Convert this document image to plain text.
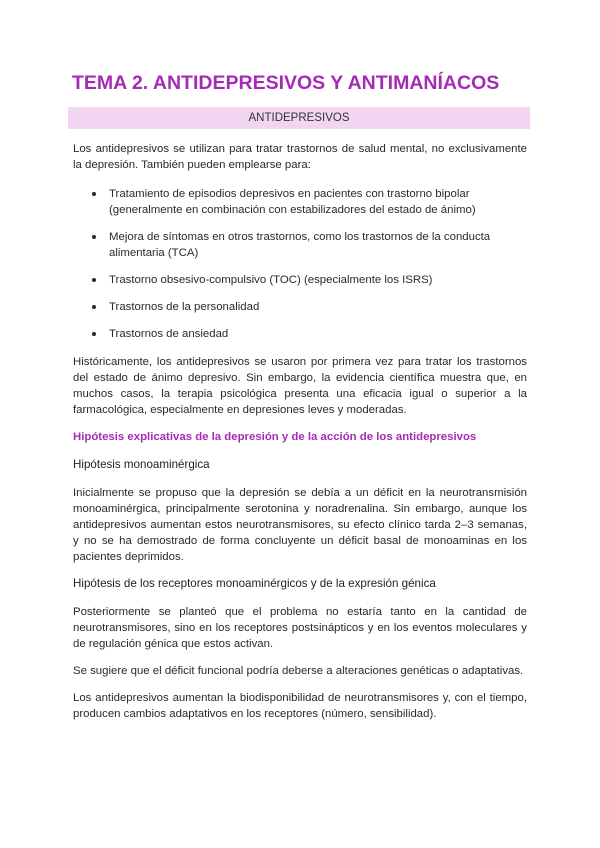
TEMA 2. ANTIDEPRESIVOS Y ANTIMANÍACOS
ANTIDEPRESIVOS

Los antidepresivos se utilizan para tratar trastornos de salud mental, no exclusivamente la depresión. También pueden emplearse para:

Tratamiento de episodios depresivos en pacientes con trastorno bipolar (generalmente en combinación con estabilizadores del estado de ánimo)
Mejora de síntomas en otros trastornos, como los trastornos de la conducta alimentaria (TCA)
Trastorno obsesivo-compulsivo (TOC) (especialmente los ISRS)
Trastornos de la personalidad
Trastornos de ansiedad

Históricamente, los antidepresivos se usaron por primera vez para tratar los trastornos del estado de ánimo depresivo. Sin embargo, la evidencia científica muestra que, en muchos casos, la terapia psicológica presenta una eficacia igual o superior a la farmacológica, especialmente en depresiones leves y moderadas.

Hipótesis explicativas de la depresión y de la acción de los antidepresivos

Hipótesis monoaminérgica

Inicialmente se propuso que la depresión se debía a un déficit en la neurotransmisión monoaminérgica, principalmente serotonina y noradrenalina. Sin embargo, aunque los antidepresivos aumentan estos neurotransmisores, su efecto clínico tarda 2–3 semanas, y no se ha demostrado de forma concluyente un déficit basal de monoaminas en los pacientes deprimidos.

Hipótesis de los receptores monoaminérgicos y de la expresión génica

Posteriormente se planteó que el problema no estaría tanto en la cantidad de neurotransmisores, sino en los receptores postsinápticos y en los eventos moleculares y de regulación génica que estos activan.

Se sugiere que el déficit funcional podría deberse a alteraciones genéticas o adaptativas.

Los antidepresivos aumentan la biodisponibilidad de neurotransmisores y, con el tiempo, producen cambios adaptativos en los receptores (número, sensibilidad).
